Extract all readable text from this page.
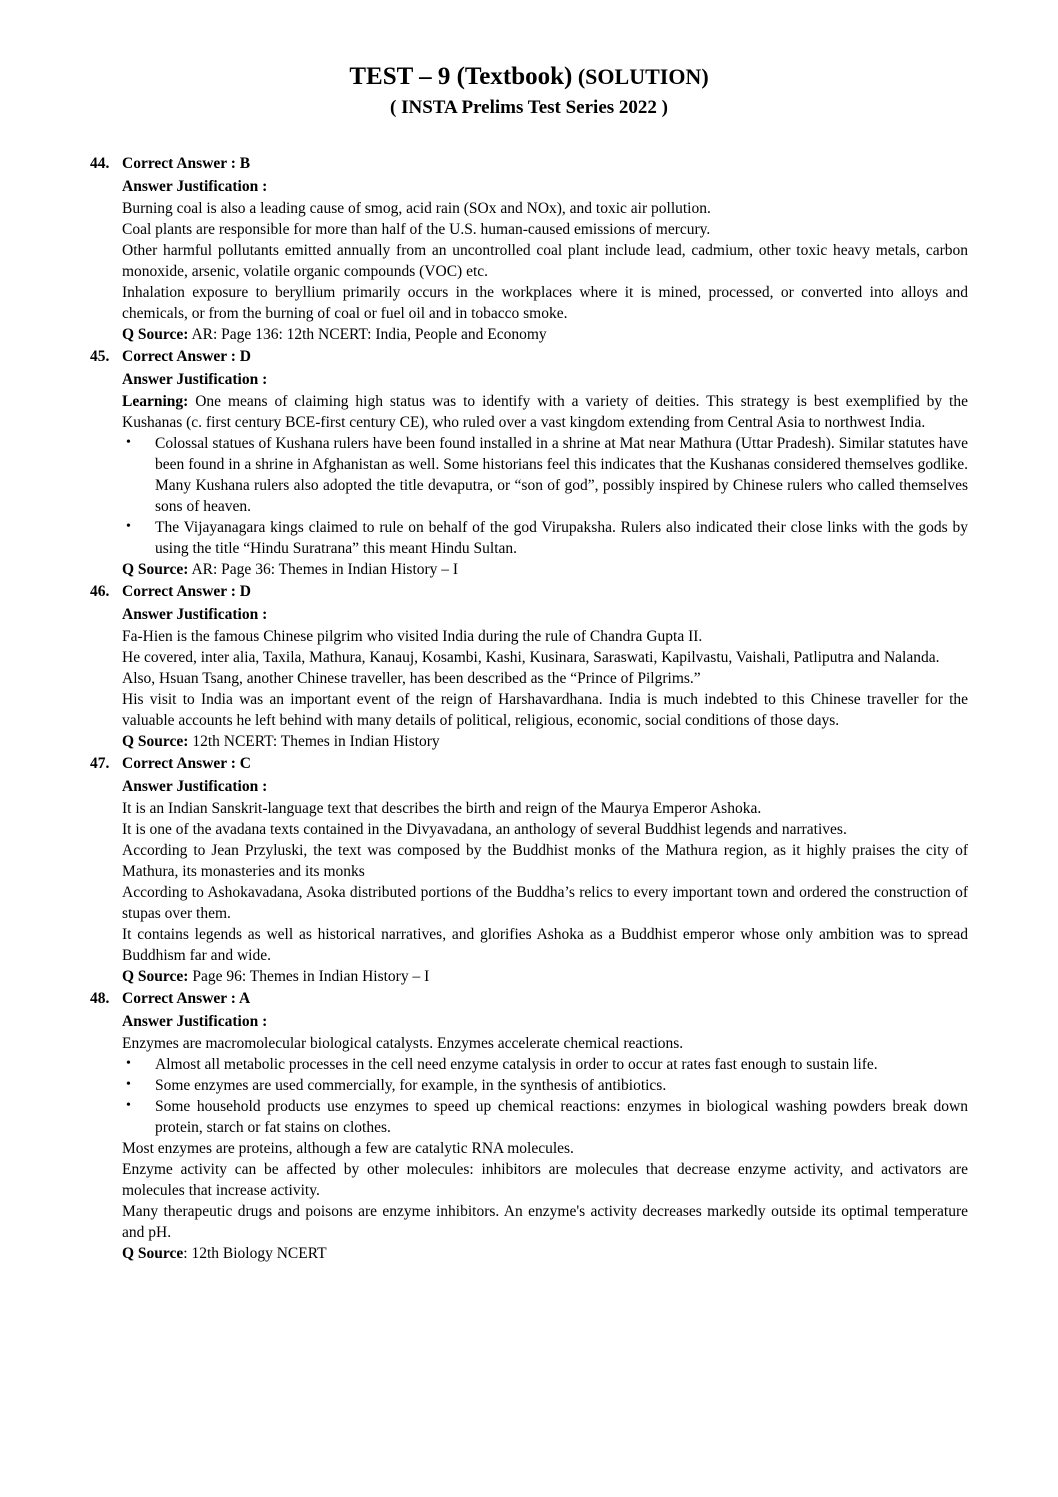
TEST – 9 (Textbook) (SOLUTION)
( INSTA Prelims Test Series 2022 )
44. Correct Answer : B
Answer Justification :
Burning coal is also a leading cause of smog, acid rain (SOx and NOx), and toxic air pollution.
Coal plants are responsible for more than half of the U.S. human-caused emissions of mercury.
Other harmful pollutants emitted annually from an uncontrolled coal plant include lead, cadmium, other toxic heavy metals, carbon monoxide, arsenic, volatile organic compounds (VOC) etc.
Inhalation exposure to beryllium primarily occurs in the workplaces where it is mined, processed, or converted into alloys and chemicals, or from the burning of coal or fuel oil and in tobacco smoke.
Q Source: AR: Page 136: 12th NCERT: India, People and Economy
45. Correct Answer : D
Answer Justification :
Learning: One means of claiming high status was to identify with a variety of deities. This strategy is best exemplified by the Kushanas (c. first century BCE-first century CE), who ruled over a vast kingdom extending from Central Asia to northwest India.
• Colossal statues of Kushana rulers have been found installed in a shrine at Mat near Mathura (Uttar Pradesh). Similar statutes have been found in a shrine in Afghanistan as well. Some historians feel this indicates that the Kushanas considered themselves godlike. Many Kushana rulers also adopted the title devaputra, or “son of god”, possibly inspired by Chinese rulers who called themselves sons of heaven.
• The Vijayanagara kings claimed to rule on behalf of the god Virupaksha. Rulers also indicated their close links with the gods by using the title “Hindu Suratrana” this meant Hindu Sultan.
Q Source: AR: Page 36: Themes in Indian History – I
46. Correct Answer : D
Answer Justification :
Fa-Hien is the famous Chinese pilgrim who visited India during the rule of Chandra Gupta II.
He covered, inter alia, Taxila, Mathura, Kanauj, Kosambi, Kashi, Kusinara, Saraswati, Kapilvastu, Vaishali, Patliputra and Nalanda.
Also, Hsuan Tsang, another Chinese traveller, has been described as the “Prince of Pilgrims.”
His visit to India was an important event of the reign of Harshavardhana. India is much indebted to this Chinese traveller for the valuable accounts he left behind with many details of political, religious, economic, social conditions of those days.
Q Source: 12th NCERT: Themes in Indian History
47. Correct Answer : C
Answer Justification :
It is an Indian Sanskrit-language text that describes the birth and reign of the Maurya Emperor Ashoka.
It is one of the avadana texts contained in the Divyavadana, an anthology of several Buddhist legends and narratives.
According to Jean Przyluski, the text was composed by the Buddhist monks of the Mathura region, as it highly praises the city of Mathura, its monasteries and its monks
According to Ashokavadana, Asoka distributed portions of the Buddha’s relics to every important town and ordered the construction of stupas over them.
It contains legends as well as historical narratives, and glorifies Ashoka as a Buddhist emperor whose only ambition was to spread Buddhism far and wide.
Q Source: Page 96: Themes in Indian History – I
48. Correct Answer : A
Answer Justification :
Enzymes are macromolecular biological catalysts. Enzymes accelerate chemical reactions.
• Almost all metabolic processes in the cell need enzyme catalysis in order to occur at rates fast enough to sustain life.
• Some enzymes are used commercially, for example, in the synthesis of antibiotics.
• Some household products use enzymes to speed up chemical reactions: enzymes in biological washing powders break down protein, starch or fat stains on clothes.
Most enzymes are proteins, although a few are catalytic RNA molecules.
Enzyme activity can be affected by other molecules: inhibitors are molecules that decrease enzyme activity, and activators are molecules that increase activity.
Many therapeutic drugs and poisons are enzyme inhibitors. An enzyme's activity decreases markedly outside its optimal temperature and pH.
Q Source: 12th Biology NCERT
